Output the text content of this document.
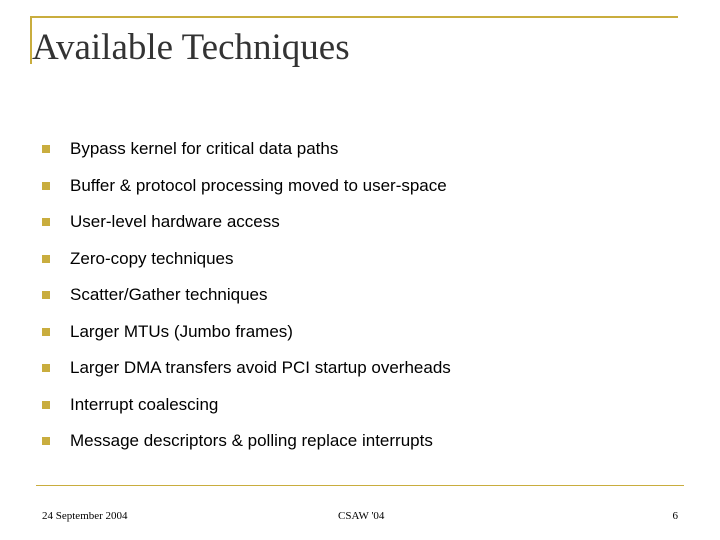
Available Techniques
Bypass kernel for critical data paths
Buffer & protocol processing moved to user-space
User-level hardware access
Zero-copy techniques
Scatter/Gather techniques
Larger MTUs (Jumbo frames)
Larger DMA transfers avoid PCI startup overheads
Interrupt coalescing
Message descriptors & polling replace interrupts
24 September 2004	CSAW '04	6
